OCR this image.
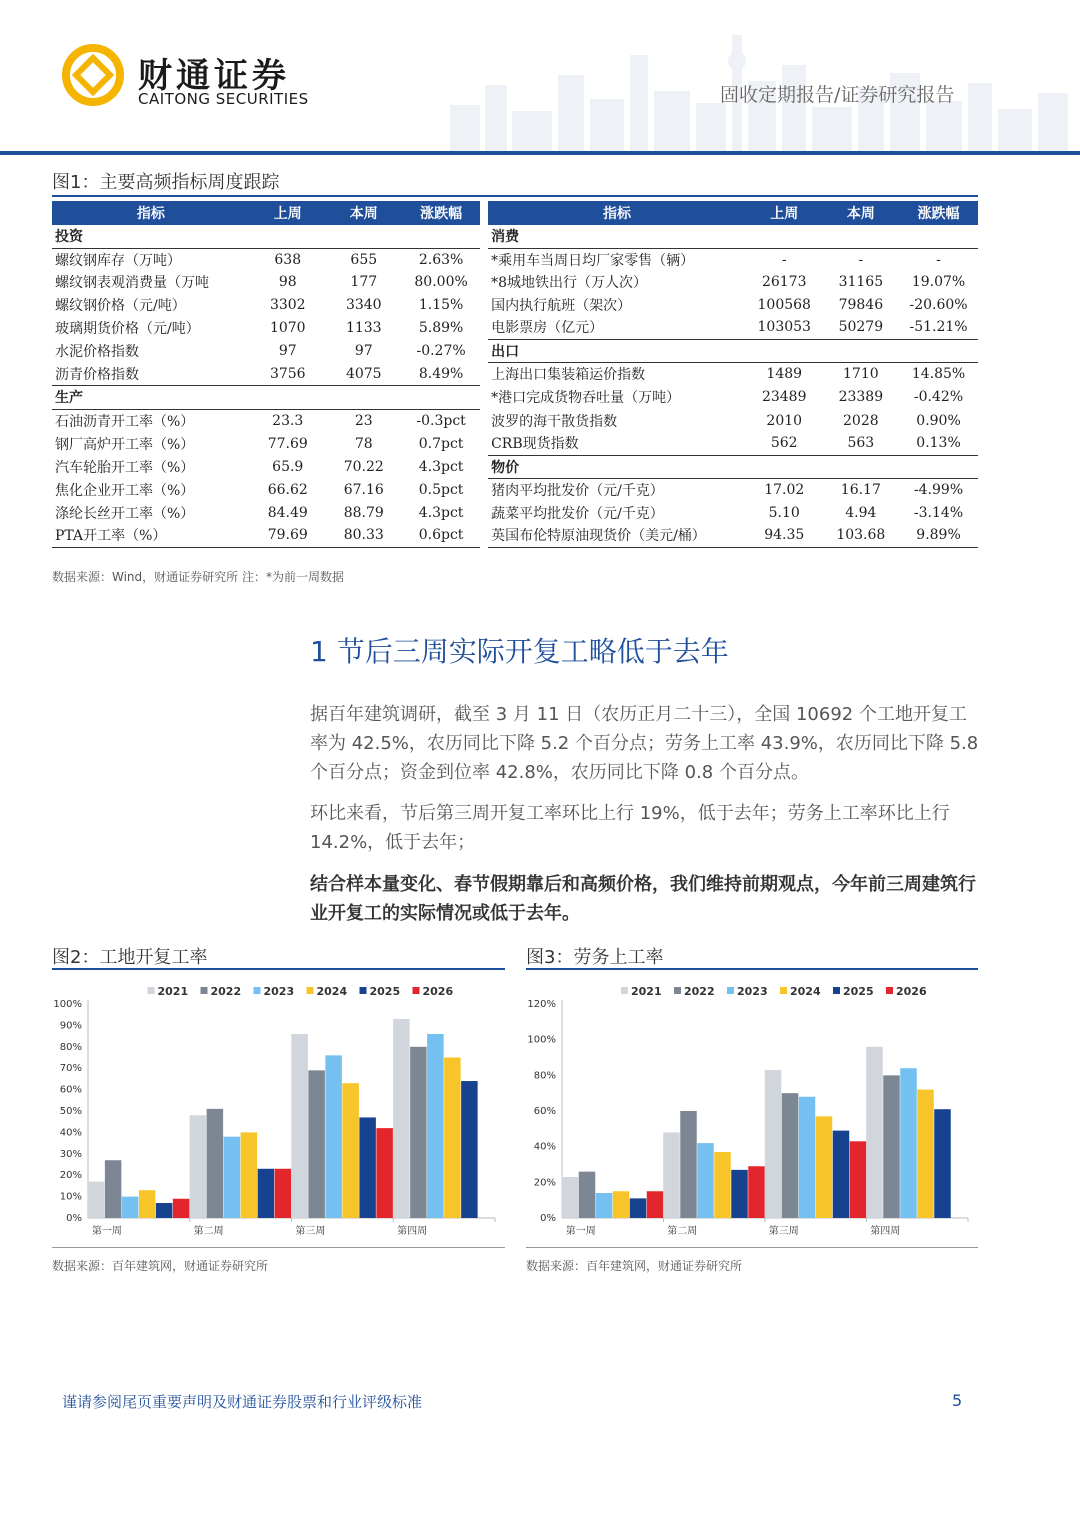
财通证券
CAITONG SECURITIES	固收定期报告/证券研究报告
图1：主要高频指标周度跟踪
指标	上周	本周	涨跌幅		指标	上周	本周	涨跌幅
投资					消费			
螺纹钢库存（万吨）	638	655	2.63%		*乘用车当周日均厂家零售（辆）	-	-	-
螺纹钢表观消费量（万吨	98	177	80.00%		*8城地铁出行（万人次）	26173	31165	19.07%
螺纹钢价格（元/吨）	3302	3340	1.15%		国内执行航班（架次）	100568	79846	-20.60%
玻璃期货价格（元/吨）	1070	1133	5.89%		电影票房（亿元）	103053	50279	-51.21%
水泥价格指数	97	97	-0.27%		出口			
沥青价格指数	3756	4075	8.49%		上海出口集装箱运价指数	1489	1710	14.85%
生产					*港口完成货物吞吐量（万吨）	23489	23389	-0.42%
石油沥青开工率（%）	23.3	23	-0.3pct		波罗的海干散货指数	2010	2028	0.90%
钢厂高炉开工率（%）	77.69	78	0.7pct		CRB现货指数	562	563	0.13%
汽车轮胎开工率（%）	65.9	70.22	4.3pct		物价			
焦化企业开工率（%）	66.62	67.16	0.5pct		猪肉平均批发价（元/千克）	17.02	16.17	-4.99%
涤纶长丝开工率（%）	84.49	88.79	4.3pct		蔬菜平均批发价（元/千克）	5.10	4.94	-3.14%
PTA开工率（%）	79.69	80.33	0.6pct		英国布伦特原油现货价（美元/桶）	94.35	103.68	9.89%
数据来源：Wind，财通证券研究所 注：*为前一周数据
1 节后三周实际开复工略低于去年
据百年建筑调研，截至 3 月 11 日（农历正月二十三），全国 10692 个工地开复工率为 42.5%，农历同比下降 5.2 个百分点；劳务上工率 43.9%，农历同比下降 5.8 个百分点；资金到位率 42.8%，农历同比下降 0.8 个百分点。
环比来看，节后第三周开复工率环比上行 19%，低于去年；劳务上工率环比上行 14.2%，低于去年；
结合样本量变化、春节假期靠后和高频价格，我们维持前期观点，今年前三周建筑行业开复工的实际情况或低于去年。
图2：工地开复工率
0%
10%
20%
30%
40%
50%
60%
70%
80%
90%
100%
2021 2022 2023 2024 2025 2026
第一周	第二周	第三周	第四周
数据来源：百年建筑网，财通证券研究所
图3：劳务上工率
0%
20%
40%
60%
80%
100%
120%
2021 2022 2023 2024 2025 2026
第一周	第二周	第三周	第四周
数据来源：百年建筑网，财通证券研究所
谨请参阅尾页重要声明及财通证券股票和行业评级标准	5
